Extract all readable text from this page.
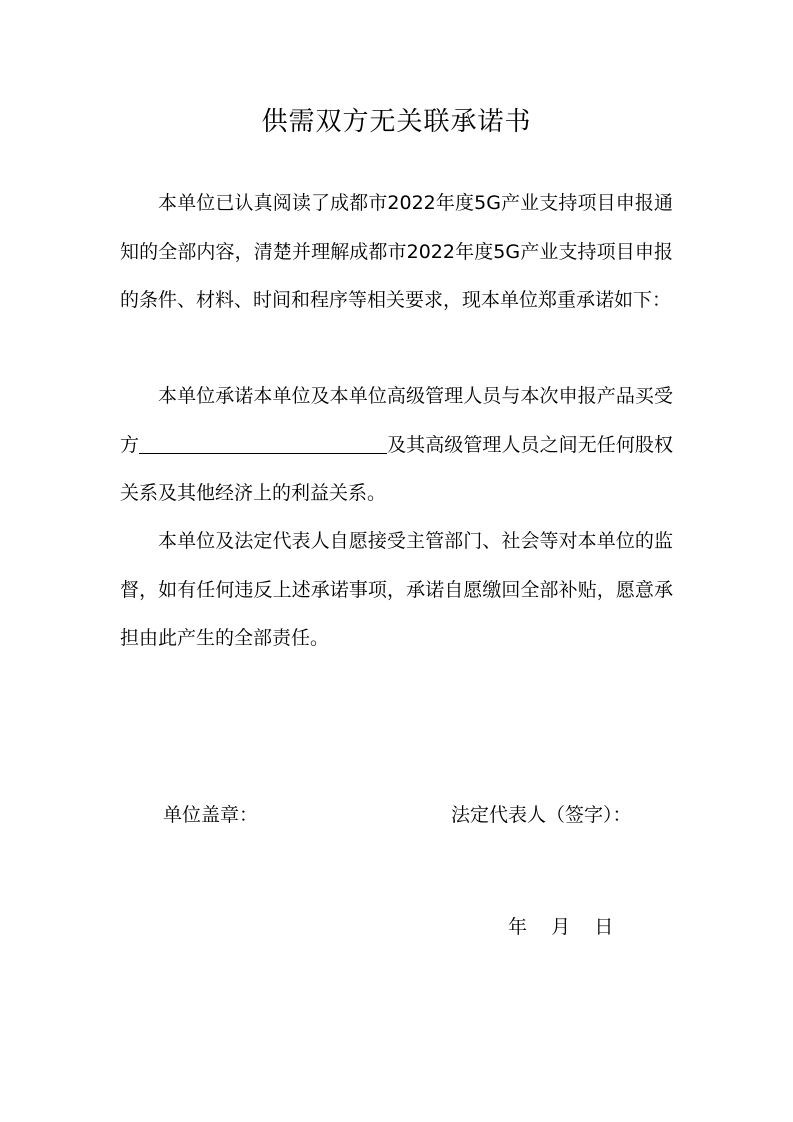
供需双方无关联承诺书

本单位已认真阅读了成都市2022年度5G产业支持项目申报通知的全部内容，清楚并理解成都市2022年度5G产业支持项目申报的条件、材料、时间和程序等相关要求，现本单位郑重承诺如下：

本单位承诺本单位及本单位高级管理人员与本次申报产品买受方	及其高级管理人员之间无任何股权关系及其他经济上的利益关系。

本单位及法定代表人自愿接受主管部门、社会等对本单位的监督，如有任何违反上述承诺事项，承诺自愿缴回全部补贴，愿意承担由此产生的全部责任。

单位盖章：	法定代表人（签字）：

年 月 日
